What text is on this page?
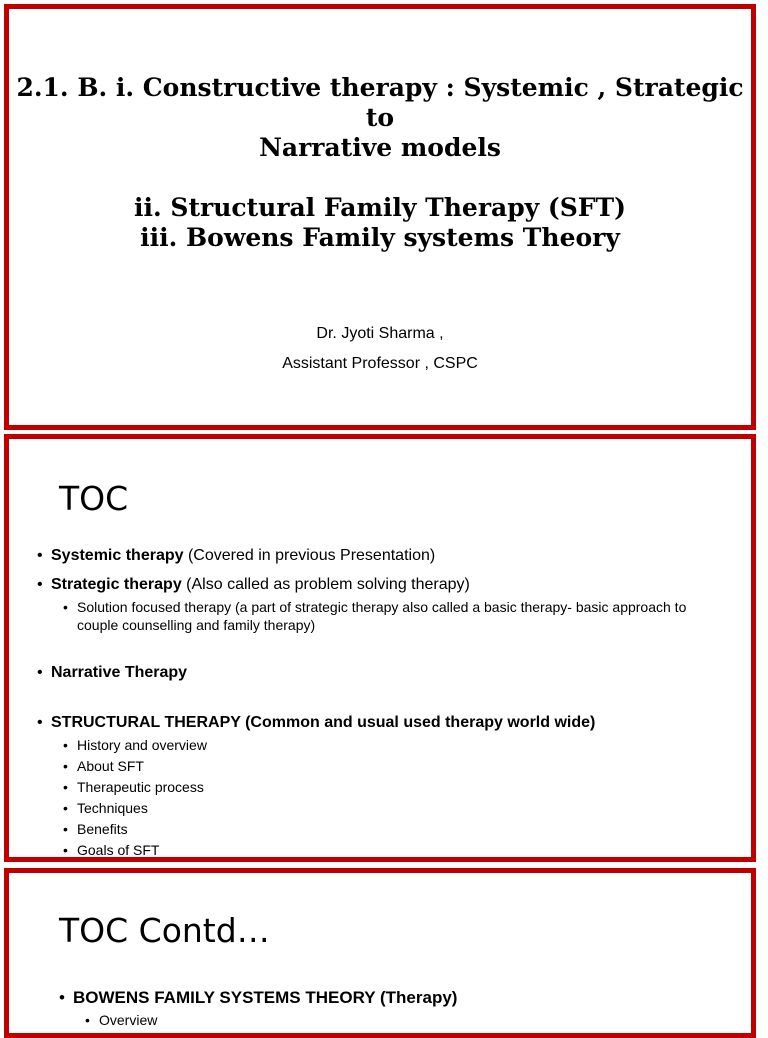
2.1. B. i. Constructive therapy : Systemic , Strategic to
Narrative models
ii. Structural Family Therapy (SFT)
iii. Bowens Family systems Theory
Dr. Jyoti Sharma ,
Assistant Professor , CSPC
TOC
• Systemic therapy (Covered in previous Presentation)
• Strategic therapy (Also called as problem solving therapy)
• Solution focused therapy (a part of strategic therapy also called a basic therapy- basic approach to couple counselling and family therapy)
• Narrative Therapy
• STRUCTURAL THERAPY (Common and usual used therapy world wide)
• History and overview
• About SFT
• Therapeutic process
• Techniques
• Benefits
• Goals of SFT
TOC Contd…
• BOWENS FAMILY SYSTEMS THEORY (Therapy)
• Overview
